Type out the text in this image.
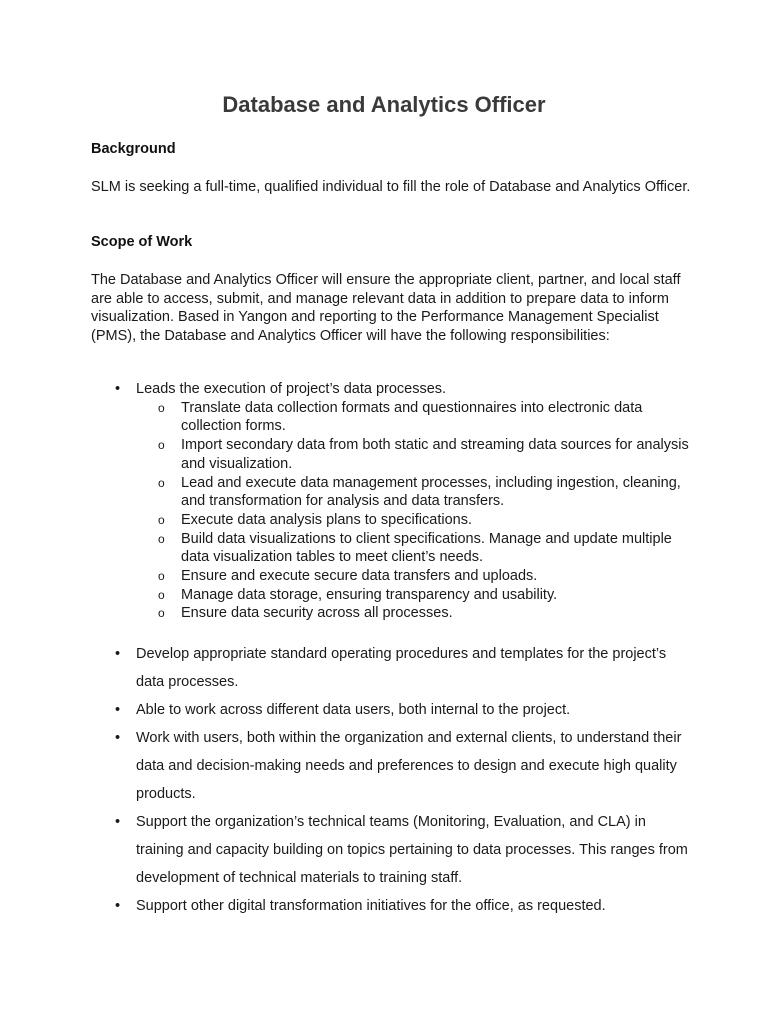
Database and Analytics Officer

Background

SLM is seeking a full-time, qualified individual to fill the role of Database and Analytics Officer.

Scope of Work

The Database and Analytics Officer will ensure the appropriate client, partner, and local staff are able to access, submit, and manage relevant data in addition to prepare data to inform visualization. Based in Yangon and reporting to the Performance Management Specialist (PMS), the Database and Analytics Officer will have the following responsibilities:

• Leads the execution of project’s data processes.
o Translate data collection formats and questionnaires into electronic data collection forms.
o Import secondary data from both static and streaming data sources for analysis and visualization.
o Lead and execute data management processes, including ingestion, cleaning, and transformation for analysis and data transfers.
o Execute data analysis plans to specifications.
o Build data visualizations to client specifications. Manage and update multiple data visualization tables to meet client’s needs.
o Ensure and execute secure data transfers and uploads.
o Manage data storage, ensuring transparency and usability.
o Ensure data security across all processes.
• Develop appropriate standard operating procedures and templates for the project’s data processes.
• Able to work across different data users, both internal to the project.
• Work with users, both within the organization and external clients, to understand their data and decision-making needs and preferences to design and execute high quality products.
• Support the organization’s technical teams (Monitoring, Evaluation, and CLA) in training and capacity building on topics pertaining to data processes. This ranges from development of technical materials to training staff.
• Support other digital transformation initiatives for the office, as requested.
